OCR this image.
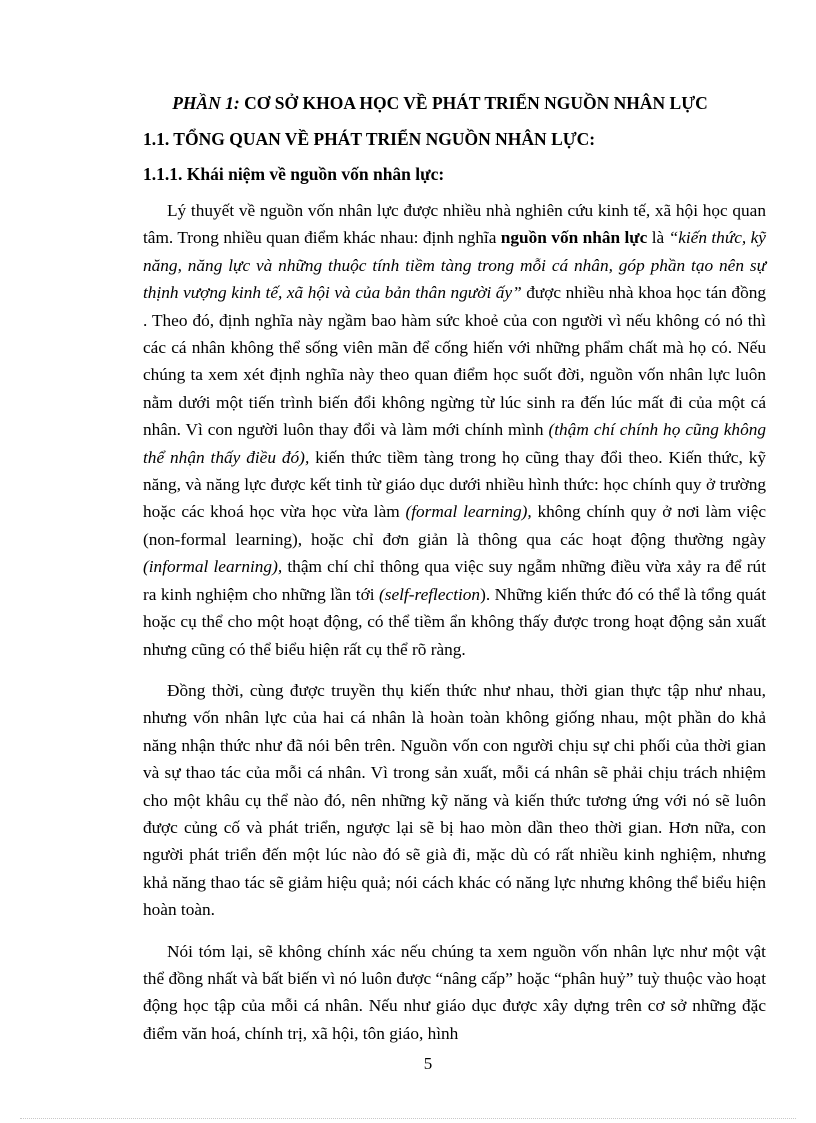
PHẦN 1: CƠ SỞ KHOA HỌC VỀ PHÁT TRIỂN NGUỒN NHÂN LỰC
1.1. TỔNG QUAN VỀ PHÁT TRIỂN NGUỒN NHÂN LỰC:
1.1.1. Khái niệm về nguồn vốn nhân lực:

Lý thuyết về nguồn vốn nhân lực được nhiều nhà nghiên cứu kinh tế, xã hội học quan tâm. Trong nhiều quan điểm khác nhau: định nghĩa nguồn vốn nhân lực là “kiến thức, kỹ năng, năng lực và những thuộc tính tiềm tàng trong mỗi cá nhân, góp phần tạo nên sự thịnh vượng kinh tế, xã hội và của bản thân người ấy” được nhiều nhà khoa học tán đồng . Theo đó, định nghĩa này ngầm bao hàm sức khoẻ của con người vì nếu không có nó thì các cá nhân không thể sống viên mãn để cống hiến với những phẩm chất mà họ có. Nếu chúng ta xem xét định nghĩa này theo quan điểm học suốt đời, nguồn vốn nhân lực luôn nằm dưới một tiến trình biến đổi không ngừng từ lúc sinh ra đến lúc mất đi của một cá nhân. Vì con người luôn thay đổi và làm mới chính mình (thậm chí chính họ cũng không thể nhận thấy điều đó), kiến thức tiềm tàng trong họ cũng thay đổi theo. Kiến thức, kỹ năng, và năng lực được kết tinh từ giáo dục dưới nhiều hình thức: học chính quy ở trường hoặc các khoá học vừa học vừa làm (formal learning), không chính quy ở nơi làm việc (non-formal learning), hoặc chỉ đơn giản là thông qua các hoạt động thường ngày (informal learning), thậm chí chỉ thông qua việc suy ngẫm những điều vừa xảy ra để rút ra kinh nghiệm cho những lần tới (self-reflection). Những kiến thức đó có thể là tổng quát hoặc cụ thể cho một hoạt động, có thể tiềm ẩn không thấy được trong hoạt động sản xuất nhưng cũng có thể biểu hiện rất cụ thể rõ ràng.

Đồng thời, cùng được truyền thụ kiến thức như nhau, thời gian thực tập như nhau, nhưng vốn nhân lực của hai cá nhân là hoàn toàn không giống nhau, một phần do khả năng nhận thức như đã nói bên trên. Nguồn vốn con người chịu sự chi phối của thời gian và sự thao tác của mỗi cá nhân. Vì trong sản xuất, mỗi cá nhân sẽ phải chịu trách nhiệm cho một khâu cụ thể nào đó, nên những kỹ năng và kiến thức tương ứng với nó sẽ luôn được củng cố và phát triển, ngược lại sẽ bị hao mòn dần theo thời gian. Hơn nữa, con người phát triển đến một lúc nào đó sẽ già đi, mặc dù có rất nhiều kinh nghiệm, nhưng khả năng thao tác sẽ giảm hiệu quả; nói cách khác có năng lực nhưng không thể biểu hiện hoàn toàn.

Nói tóm lại, sẽ không chính xác nếu chúng ta xem nguồn vốn nhân lực như một vật thể đồng nhất và bất biến vì nó luôn được “nâng cấp” hoặc “phân huỷ” tuỳ thuộc vào hoạt động học tập của mỗi cá nhân. Nếu như giáo dục được xây dựng trên cơ sở những đặc điểm văn hoá, chính trị, xã hội, tôn giáo, hình

5
